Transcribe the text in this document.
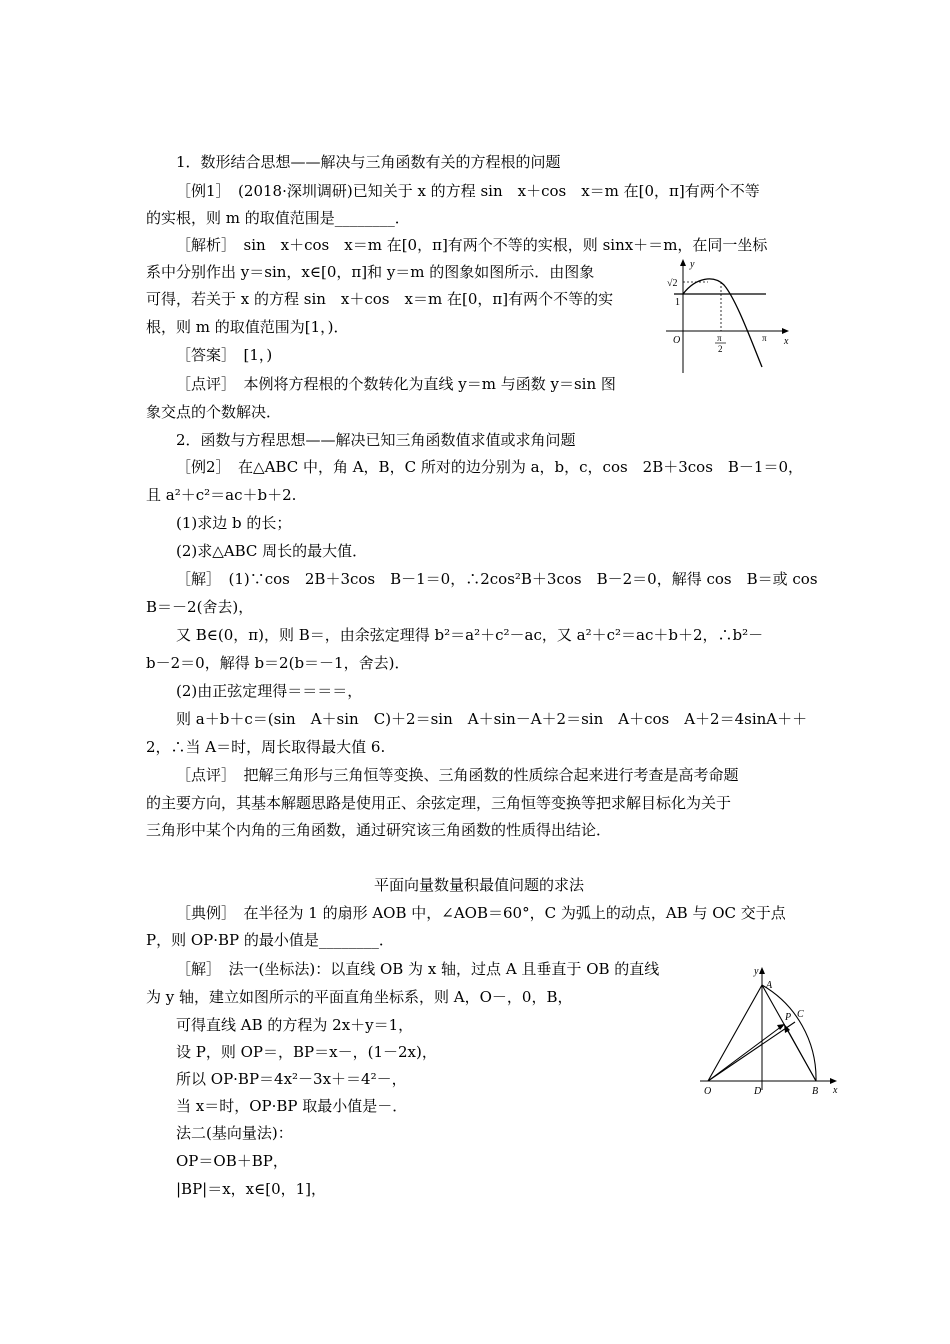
1．数形结合思想——解决与三角函数有关的方程根的问题
［例1］　(2018·深圳调研)已知关于 x 的方程 sin　x＋cos　x＝m 在[0，π]有两个不等
的实根，则 m 的取值范围是________．
［解析］　sin　x＋cos　x＝m 在[0，π]有两个不等的实根，则 sinx＋＝m，在同一坐标
系中分别作出 y＝sin，x∈[0，π]和 y＝m 的图象如图所示．由图象
可得，若关于 x 的方程 sin　x＋cos　x＝m 在[0，π]有两个不等的实
根，则 m 的取值范围为[1，)．
［答案］　[1，)
［点评］　本例将方程根的个数转化为直线 y＝m 与函数 y＝sin 图
象交点的个数解决．
y
x
O
√2
1
π
2
π
2．函数与方程思想——解决已知三角函数值求值或求角问题
［例2］　在△ABC 中，角 A，B，C 所对的边分别为 a，b，c，cos　2B＋3cos　B－1＝0，
且 a²＋c²＝ac＋b＋2.
(1)求边 b 的长；
(2)求△ABC 周长的最大值．
［解］　(1)∵cos　2B＋3cos　B－1＝0，∴2cos²B＋3cos　B－2＝0，解得 cos　B＝或 cos
B＝－2(舍去)，
又 B∈(0，π)，则 B＝，由余弦定理得 b²＝a²＋c²－ac，又 a²＋c²＝ac＋b＋2，∴b²－
b－2＝0，解得 b＝2(b＝－1，舍去)．
(2)由正弦定理得＝＝＝＝，
则 a＋b＋c＝(sin　A＋sin　C)＋2＝sin　A＋sin－A＋2＝sin　A＋cos　A＋2＝4sinA＋＋
2，∴当 A＝时，周长取得最大值 6.
［点评］　把解三角形与三角恒等变换、三角函数的性质综合起来进行考查是高考命题
的主要方向，其基本解题思路是使用正、余弦定理，三角恒等变换等把求解目标化为关于
三角形中某个内角的三角函数，通过研究该三角函数的性质得出结论．
平面向量数量积最值问题的求法
［典例］　在半径为 1 的扇形 AOB 中，∠AOB＝60°，C 为弧上的动点，AB 与 OC 交于点
P，则 OP·BP 的最小值是________．
［解］　法一(坐标法)：以直线 OB 为 x 轴，过点 A 且垂直于 OB 的直线
为 y 轴，建立如图所示的平面直角坐标系，则 A，O－，0，B，
可得直线 AB 的方程为 2x＋y＝1，
设 P，则 OP＝，BP＝x－，(1－2x)，
所以 OP·BP＝4x²－3x＋＝4²－，
当 x＝时，OP·BP 取最小值是－．
法二(基向量法)：
OP＝OB＋BP，
|BP|＝x，x∈[0，1]，
y
x
O
A
B
C
D
P
